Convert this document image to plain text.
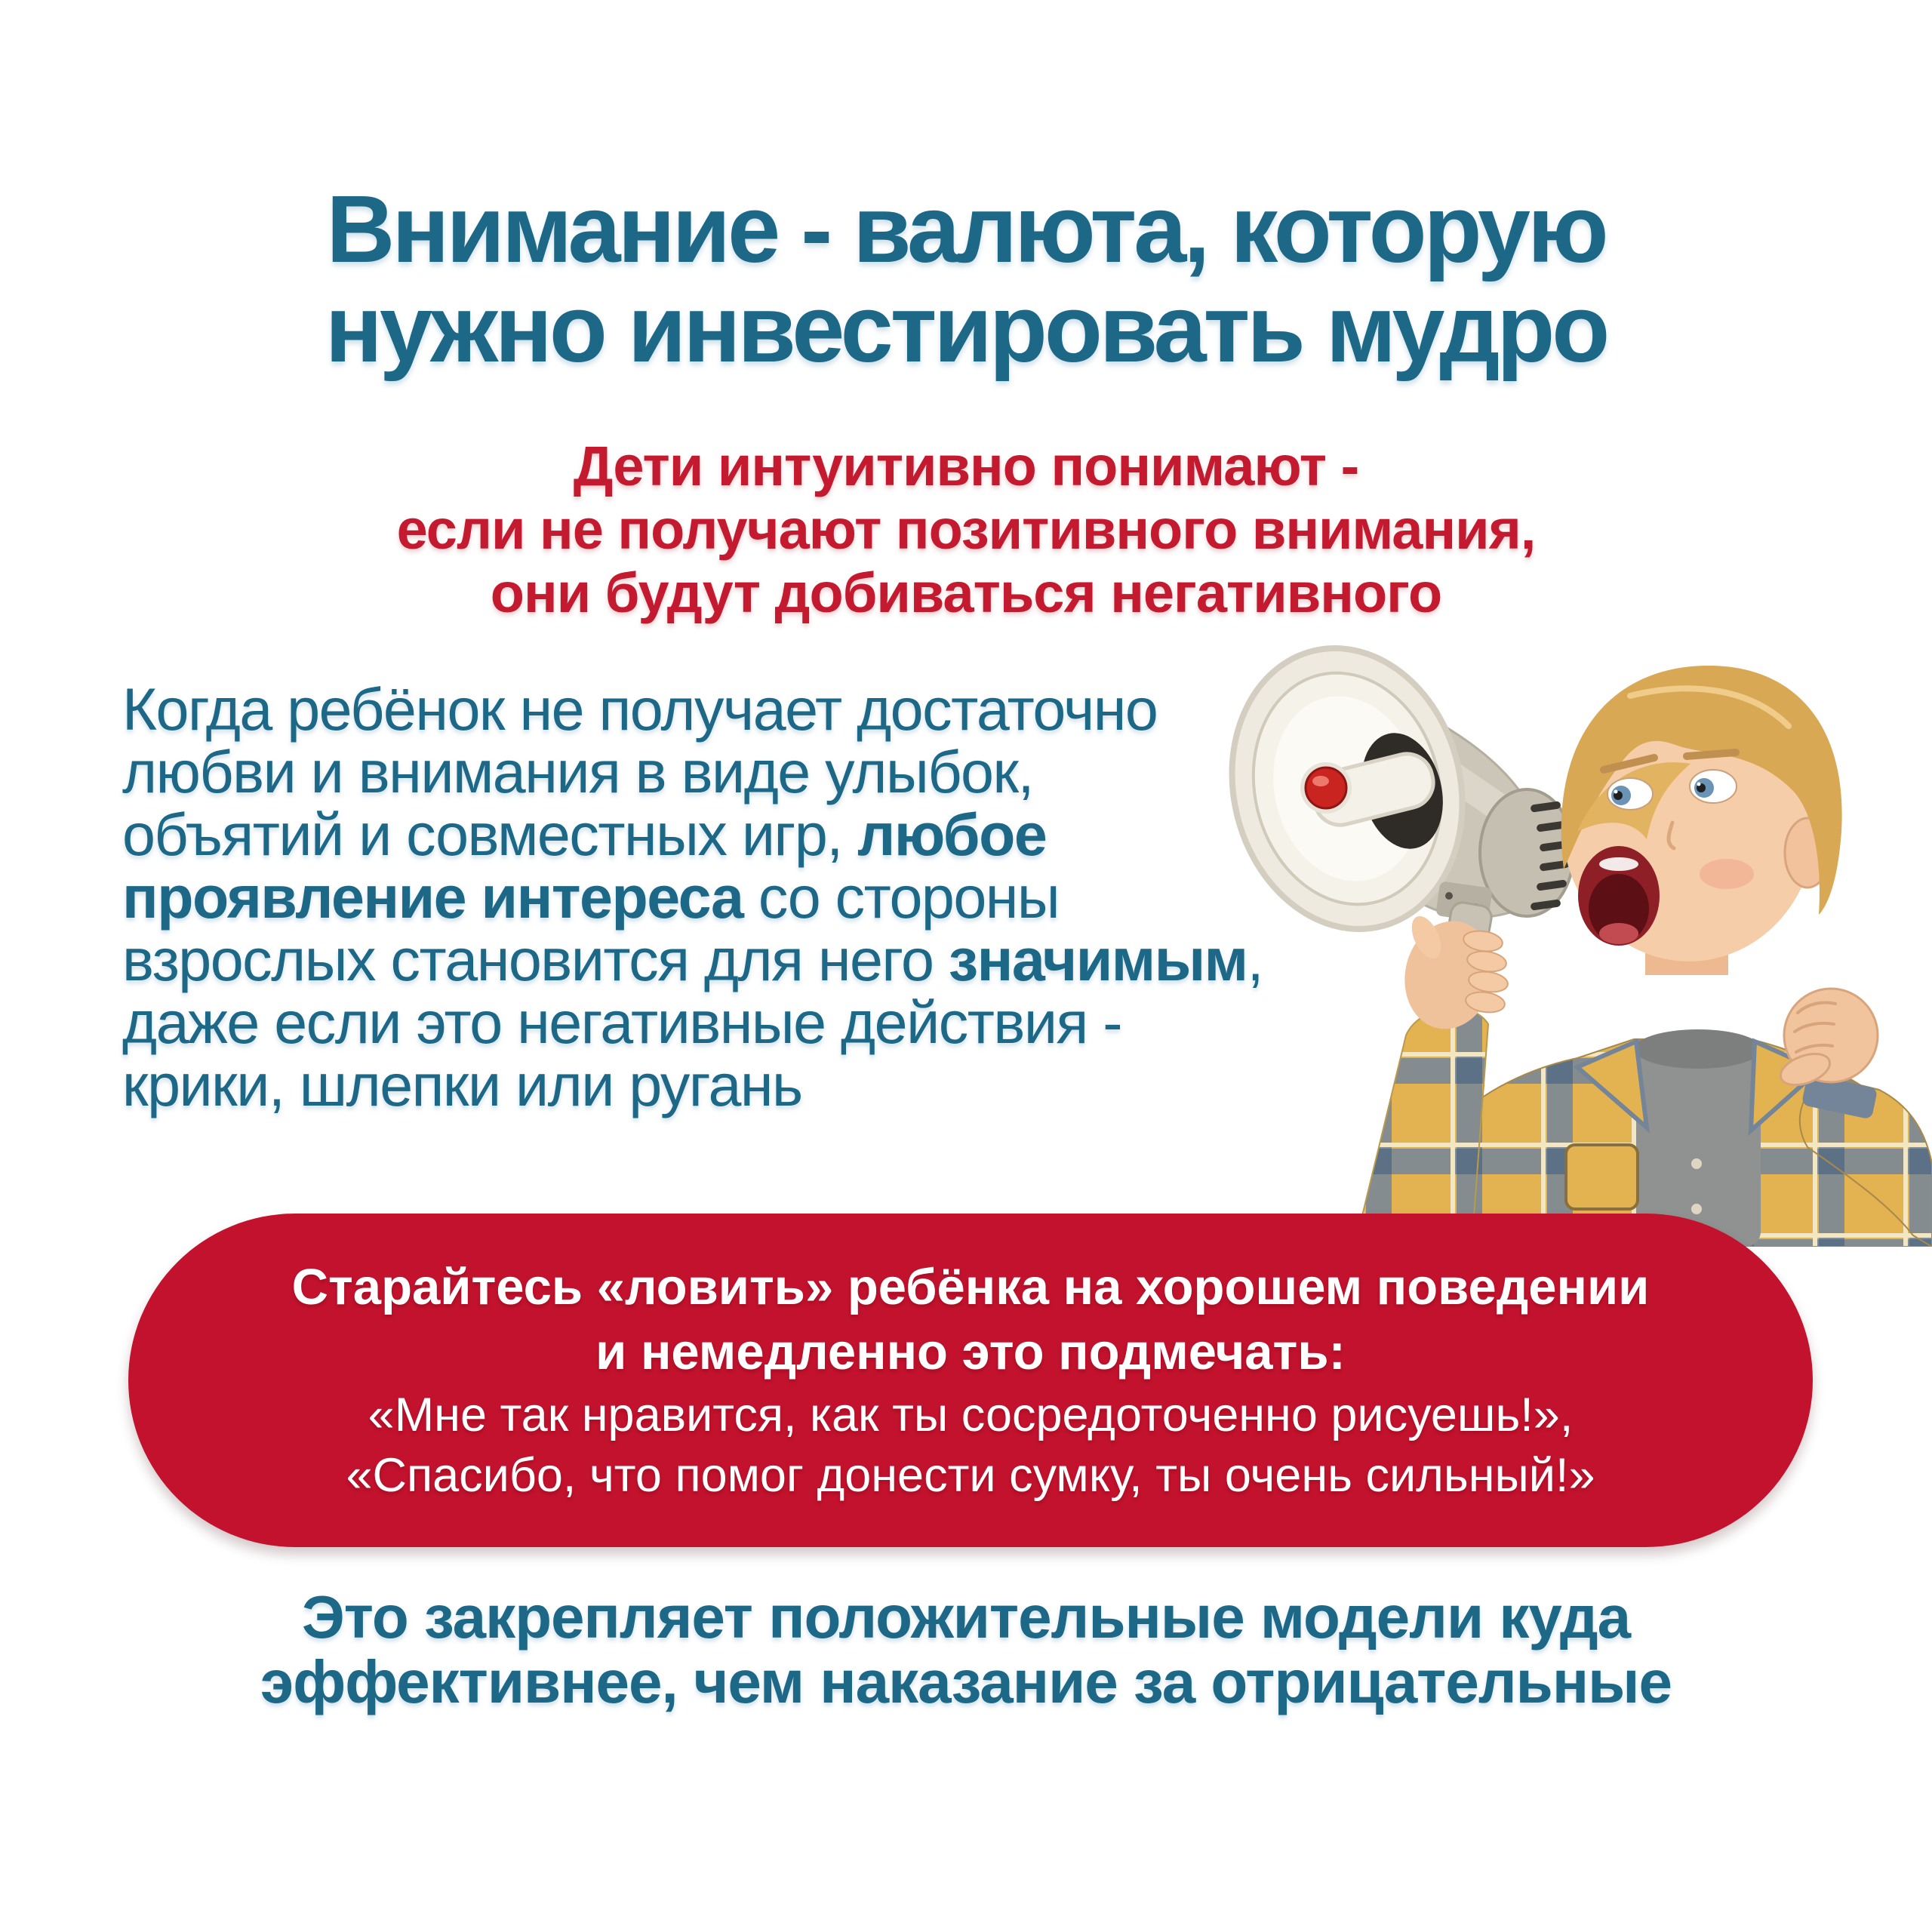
Внимание - валюта, которую
нужно инвестировать мудро
Дети интуитивно понимают -
если не получают позитивного внимания,
они будут добиваться негативного
Когда ребёнок не получает достаточно
любви и внимания в виде улыбок,
объятий и совместных игр, любое
проявление интереса со стороны
взрослых становится для него значимым,
даже если это негативные действия -
крики, шлепки или ругань
Старайтесь «ловить» ребёнка на хорошем поведении
и немедленно это подмечать:
«Мне так нравится, как ты сосредоточенно рисуешь!»,
«Спасибо, что помог донести сумку, ты очень сильный!»
Это закрепляет положительные модели куда
эффективнее, чем наказание за отрицательные
